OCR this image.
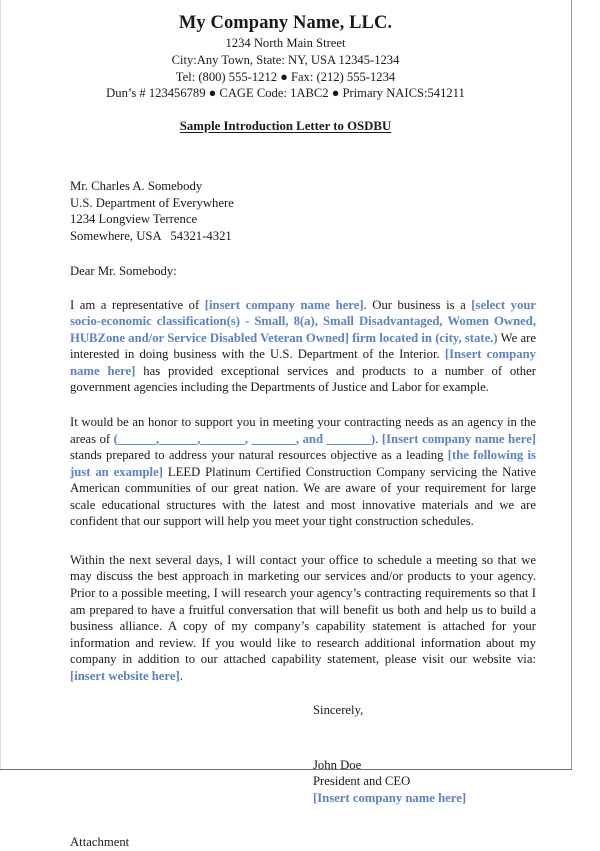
My Company Name, LLC.
1234 North Main Street
City:Any Town, State: NY, USA 12345-1234
Tel: (800) 555-1212 ● Fax: (212) 555-1234
Dun’s # 123456789 ● CAGE Code: 1ABC2 ● Primary NAICS:541211
Sample Introduction Letter to OSDBU
Mr. Charles A. Somebody
U.S. Department of Everywhere
1234 Longview Terrence
Somewhere, USA   54321-4321
Dear Mr. Somebody:

I am a representative of [insert company name here]. Our business is a [select your socio-economic classification(s) - Small, 8(a), Small Disadvantaged, Women Owned, HUBZone and/or Service Disabled Veteran Owned] firm located in (city, state.) We are interested in doing business with the U.S. Department of the Interior. [Insert company name here] has provided exceptional services and products to a number of other government agencies including the Departments of Justice and Labor for example.

It would be an honor to support you in meeting your contracting needs as an agency in the areas of (______,______,_______, _______, and _______). [Insert company name here] stands prepared to address your natural resources objective as a leading [the following is just an example] LEED Platinum Certified Construction Company servicing the Native American communities of our great nation. We are aware of your requirement for large scale educational structures with the latest and most innovative materials and we are confident that our support will help you meet your tight construction schedules.

Within the next several days, I will contact your office to schedule a meeting so that we may discuss the best approach in marketing our services and/or products to your agency. Prior to a possible meeting, I will research your agency’s contracting requirements so that I am prepared to have a fruitful conversation that will benefit us both and help us to build a business alliance. A copy of my company’s capability statement is attached for your information and review. If you would like to research additional information about my company in addition to our attached capability statement, please visit our website via: [insert website here].

Sincerely,
John Doe
President and CEO
[Insert company name here]
Attachment
